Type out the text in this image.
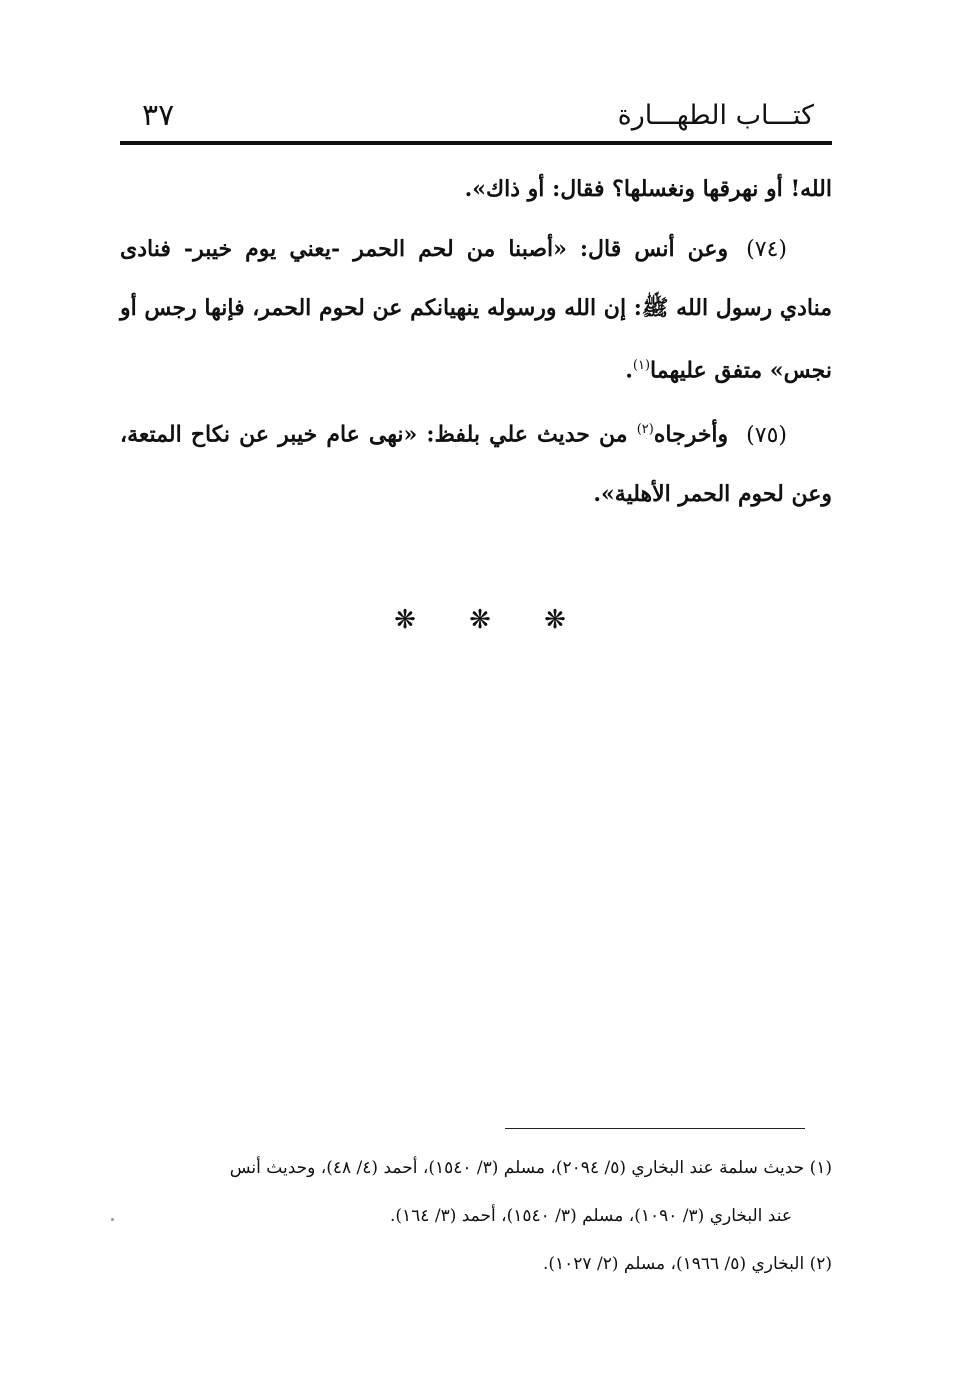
كتـــاب الطهـــارة
٣٧

الله! أو نهرقها ونغسلها؟ فقال: أو ذاك».

(٧٤)وعن أنس قال: «أصبنا من لحم الحمر -يعني يوم خيبر- فنادى منادي رسول الله ﷺ: إن الله ورسوله ينهيانكم عن لحوم الحمر، فإنها رجس أو نجس» متفق عليهما$^{(١)}$.

(٧٥)وأخرجاه$^{(٢)}$ من حديث علي بلفظ: «نهى عام خيبر عن نكاح المتعة، وعن لحوم الحمر الأهلية».

❋	❋	❋

(١) حديث سلمة عند البخاري (٥/ ٢٠٩٤)، مسلم (٣/ ١٥٤٠)، أحمد (٤/ ٤٨)، وحديث أنس

عند البخاري (٣/ ١٠٩٠)، مسلم (٣/ ١٥٤٠)، أحمد (٣/ ١٦٤).

(٢) البخاري (٥/ ١٩٦٦)، مسلم (٢/ ١٠٢٧).
